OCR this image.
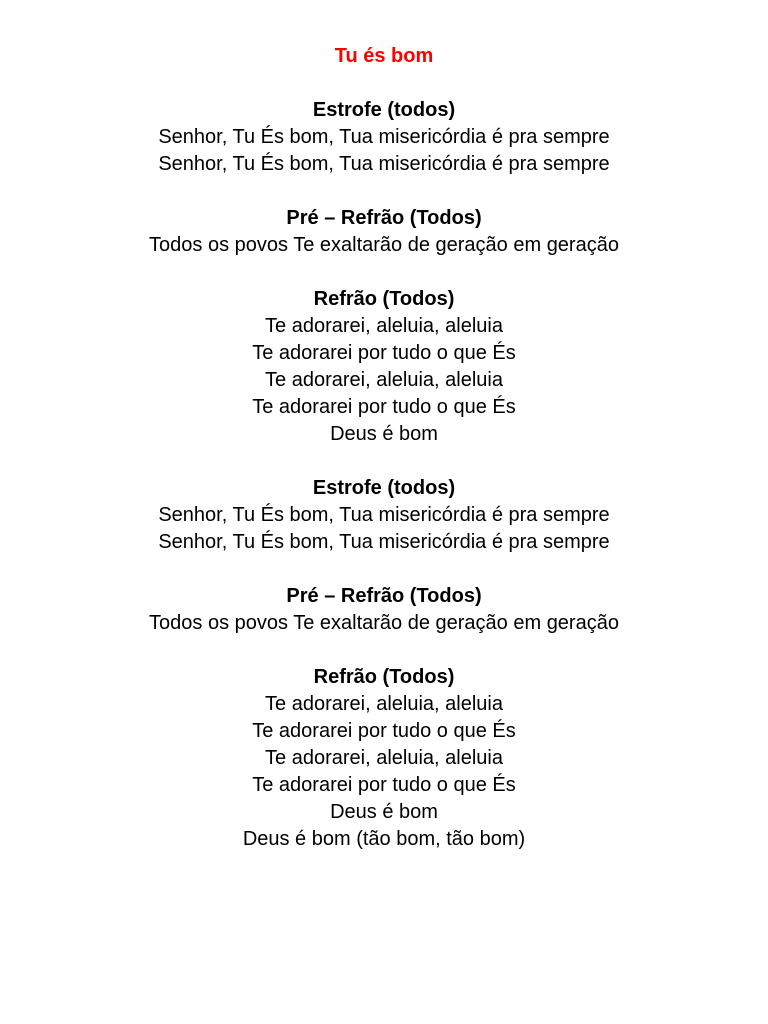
Tu és bom
Estrofe (todos)
Senhor, Tu És bom, Tua misericórdia é pra sempre
Senhor, Tu És bom, Tua misericórdia é pra sempre
Pré – Refrão (Todos)
Todos os povos Te exaltarão de geração em geração
Refrão (Todos)
Te adorarei, aleluia, aleluia
Te adorarei por tudo o que És
Te adorarei, aleluia, aleluia
Te adorarei por tudo o que És
Deus é bom
Estrofe (todos)
Senhor, Tu És bom, Tua misericórdia é pra sempre
Senhor, Tu És bom, Tua misericórdia é pra sempre
Pré – Refrão (Todos)
Todos os povos Te exaltarão de geração em geração
Refrão (Todos)
Te adorarei, aleluia, aleluia
Te adorarei por tudo o que És
Te adorarei, aleluia, aleluia
Te adorarei por tudo o que És
Deus é bom
Deus é bom (tão bom, tão bom)
